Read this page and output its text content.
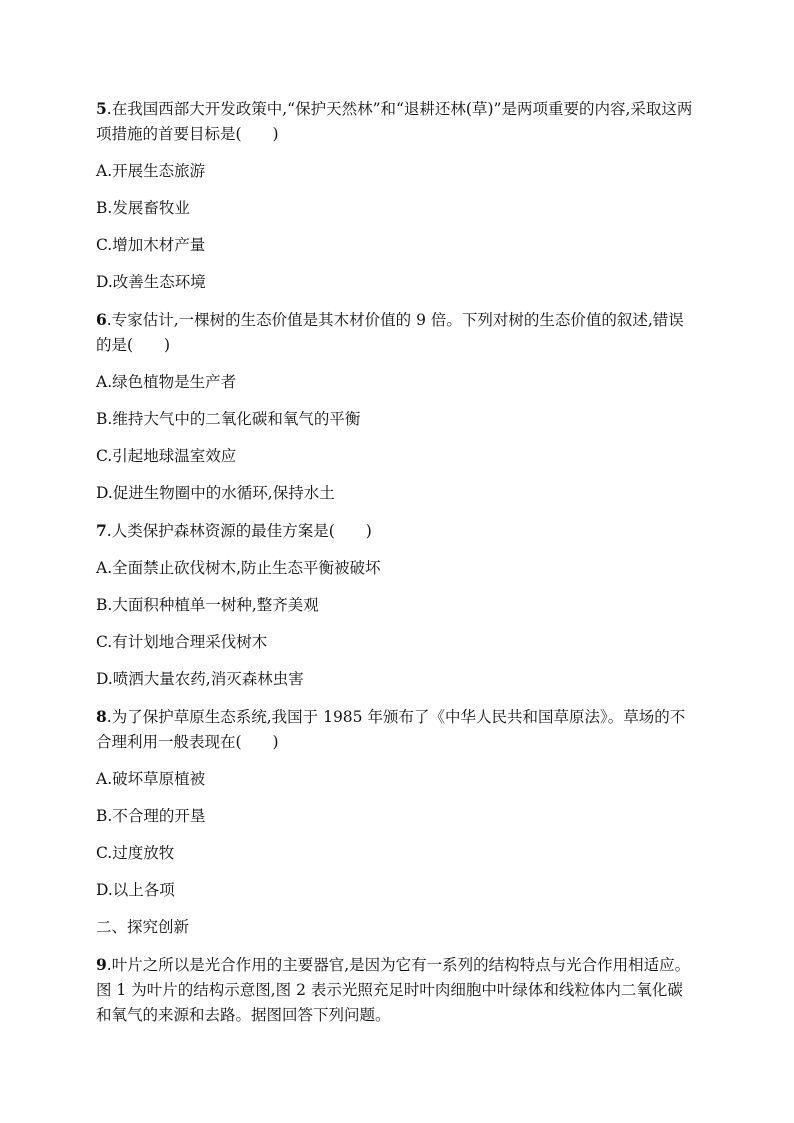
5.在我国西部大开发政策中,“保护天然林”和“退耕还林(草)”是两项重要的内容,采取这两项措施的首要目标是(　　)

A.开展生态旅游

B.发展畜牧业

C.增加木材产量

D.改善生态环境

6.专家估计,一棵树的生态价值是其木材价值的 9 倍。下列对树的生态价值的叙述,错误的是(　　)

A.绿色植物是生产者

B.维持大气中的二氧化碳和氧气的平衡

C.引起地球温室效应

D.促进生物圈中的水循环,保持水土

7.人类保护森林资源的最佳方案是(　　)

A.全面禁止砍伐树木,防止生态平衡被破坏

B.大面积种植单一树种,整齐美观

C.有计划地合理采伐树木

D.喷洒大量农药,消灭森林虫害

8.为了保护草原生态系统,我国于 1985 年颁布了《中华人民共和国草原法》。草场的不合理利用一般表现在(　　)

A.破坏草原植被

B.不合理的开垦

C.过度放牧

D.以上各项

二、探究创新

9.叶片之所以是光合作用的主要器官,是因为它有一系列的结构特点与光合作用相适应。图 1 为叶片的结构示意图,图 2 表示光照充足时叶肉细胞中叶绿体和线粒体内二氧化碳和氧气的来源和去路。据图回答下列问题。
